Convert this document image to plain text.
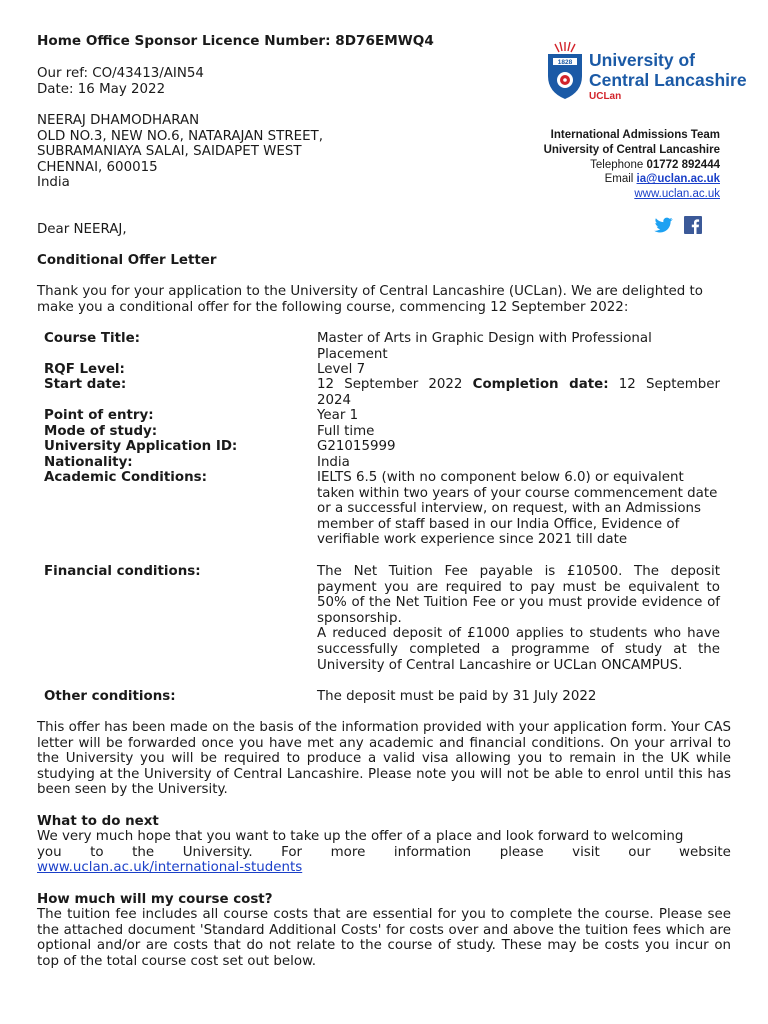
Home Office Sponsor Licence Number: 8D76EMWQ4
Our ref: CO/43413/AIN54
Date: 16 May 2022
NEERAJ DHAMODHARAN
OLD NO.3, NEW NO.6, NATARAJAN STREET,
SUBRAMANIAYA SALAI, SAIDAPET WEST
CHENNAI, 600015
India
1828 University of
Central Lancashire
UCLan
International Admissions Team
University of Central Lancashire
Telephone 01772 892444
Email ia@uclan.ac.uk
www.uclan.ac.uk
Dear NEERAJ,
Conditional Offer Letter
Thank you for your application to the University of Central Lancashire (UCLan). We are delighted to make you a conditional offer for the following course, commencing 12 September 2022:
Course Title:	Master of Arts in Graphic Design with Professional Placement
RQF Level:	Level 7
Start date:	12 September 2022 Completion date: 12 September 2024
Point of entry:	Year 1
Mode of study:	Full time
University Application ID:	G21015999
Nationality:	India
Academic Conditions:	IELTS 6.5 (with no component below 6.0) or equivalent taken within two years of your course commencement date or a successful interview, on request, with an Admissions member of staff based in our India Office, Evidence of verifiable work experience since 2021 till date
Financial conditions:	The Net Tuition Fee payable is £10500. The deposit payment you are required to pay must be equivalent to 50% of the Net Tuition Fee or you must provide evidence of sponsorship.
A reduced deposit of £1000 applies to students who have successfully completed a programme of study at the University of Central Lancashire or UCLan ONCAMPUS.
Other conditions:	The deposit must be paid by 31 July 2022
This offer has been made on the basis of the information provided with your application form. Your CAS letter will be forwarded once you have met any academic and financial conditions. On your arrival to the University you will be required to produce a valid visa allowing you to remain in the UK while studying at the University of Central Lancashire. Please note you will not be able to enrol until this has been seen by the University.
What to do next
We very much hope that you want to take up the offer of a place and look forward to welcoming
you to the University. For more information please visit our website
www.uclan.ac.uk/international-students
How much will my course cost?
The tuition fee includes all course costs that are essential for you to complete the course. Please see the attached document 'Standard Additional Costs' for costs over and above the tuition fees which are optional and/or are costs that do not relate to the course of study. These may be costs you incur on top of the total course cost set out below.
